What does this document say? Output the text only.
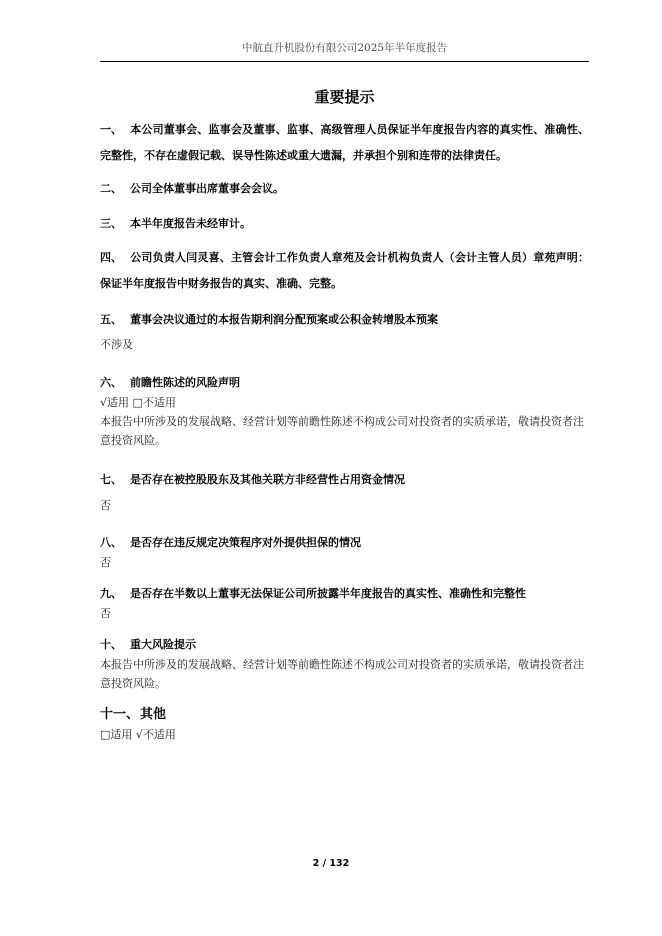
中航直升机股份有限公司2025年半年度报告
重要提示
一、 本公司董事会、监事会及董事、监事、高级管理人员保证半年度报告内容的真实性、准确性、完整性，不存在虚假记载、误导性陈述或重大遗漏，并承担个别和连带的法律责任。
二、 公司全体董事出席董事会会议。
三、 本半年度报告未经审计。
四、 公司负责人闫灵喜、主管会计工作负责人章苑及会计机构负责人（会计主管人员）章苑声明：保证半年度报告中财务报告的真实、准确、完整。
五、 董事会决议通过的本报告期利润分配预案或公积金转增股本预案
不涉及
六、 前瞻性陈述的风险声明
√适用 □不适用
本报告中所涉及的发展战略、经营计划等前瞻性陈述不构成公司对投资者的实质承诺，敬请投资者注意投资风险。
七、 是否存在被控股股东及其他关联方非经营性占用资金情况
否
八、 是否存在违反规定决策程序对外提供担保的情况
否
九、 是否存在半数以上董事无法保证公司所披露半年度报告的真实性、准确性和完整性
否
十、 重大风险提示
本报告中所涉及的发展战略、经营计划等前瞻性陈述不构成公司对投资者的实质承诺，敬请投资者注意投资风险。
十一、其他
□适用 √不适用
2 / 132
